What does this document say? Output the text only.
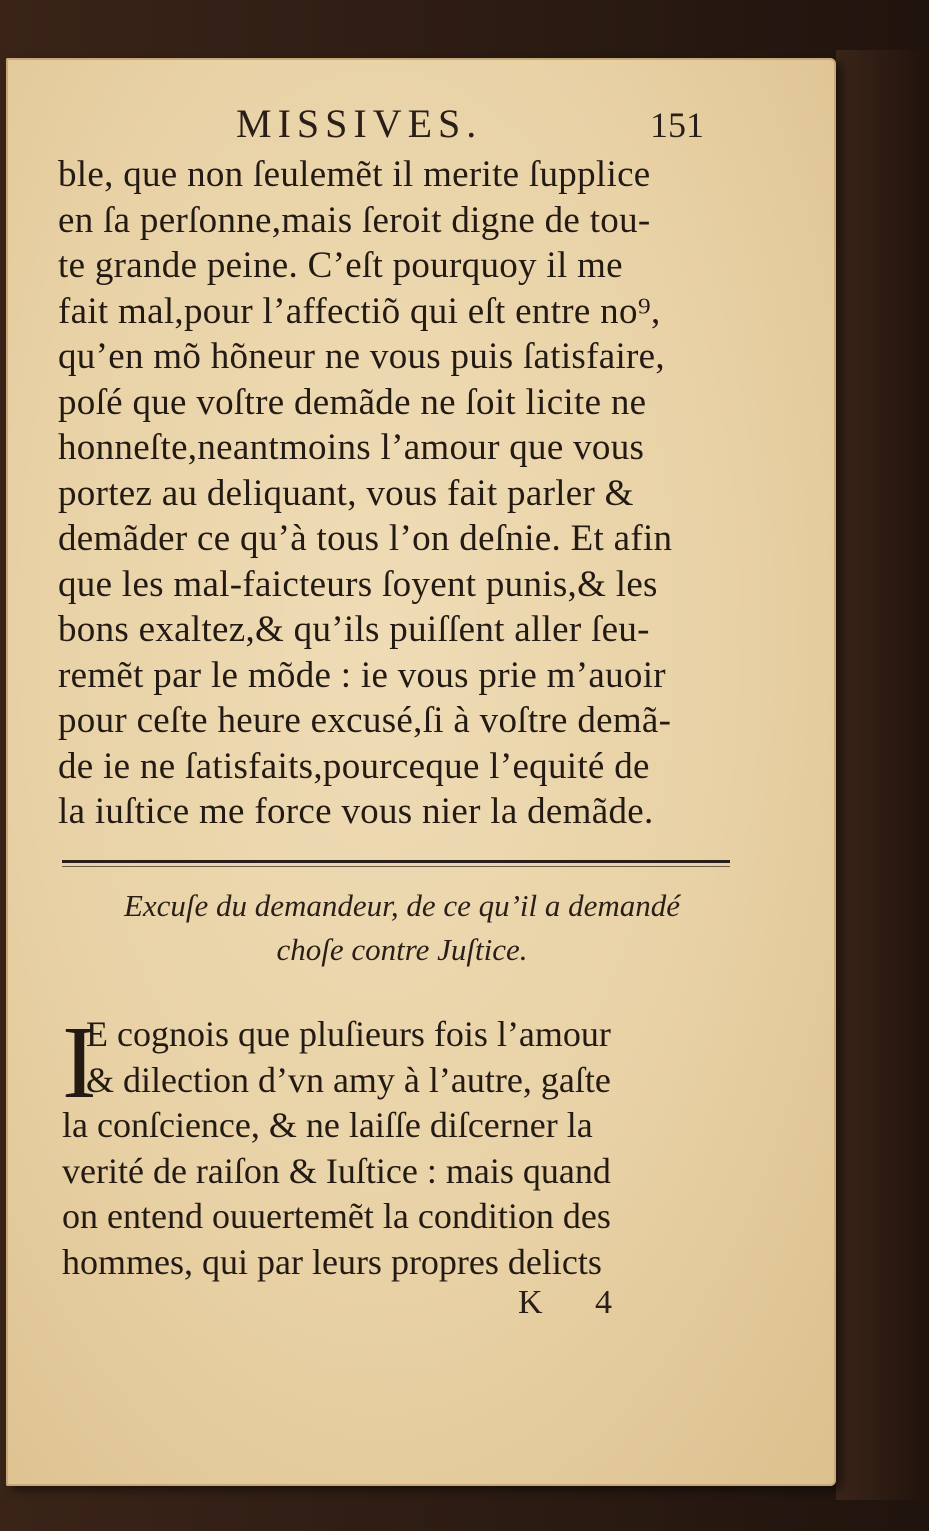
MISSIVES.	151
ble, que non ſeulemẽt il merite ſupplice
en ſa perſonne,mais ſeroit digne de tou-
te grande peine. C’eſt pourquoy il me
fait mal,pour l’affectiõ qui eſt entre no⁹,
qu’en mõ hõneur ne vous puis ſatisfaire,
poſé que voſtre demãde ne ſoit licite ne
honneſte,neantmoins l’amour que vous
portez au deliquant, vous fait parler &
demãder ce qu’à tous l’on deſnie. Et afin
que les mal-faicteurs ſoyent punis,& les
bons exaltez,& qu’ils puiſſent aller ſeu-
remẽt par le mõde : ie vous prie m’auoir
pour ceſte heure excusé,ſi à voſtre demã-
de ie ne ſatisfaits,pourceque l’equité de
la iuſtice me force vous nier la demãde.
Excuſe du demandeur, de ce qu’il a demandé
choſe contre Juſtice.
I
E cognois que pluſieurs fois l’amour
& dilection d’vn amy à l’autre, gaſte
la conſcience, & ne laiſſe diſcerner la
verité de raiſon & Iuſtice : mais quand
on entend ouuertemẽt la condition des
hommes, qui par leurs propres delicts
K 4
